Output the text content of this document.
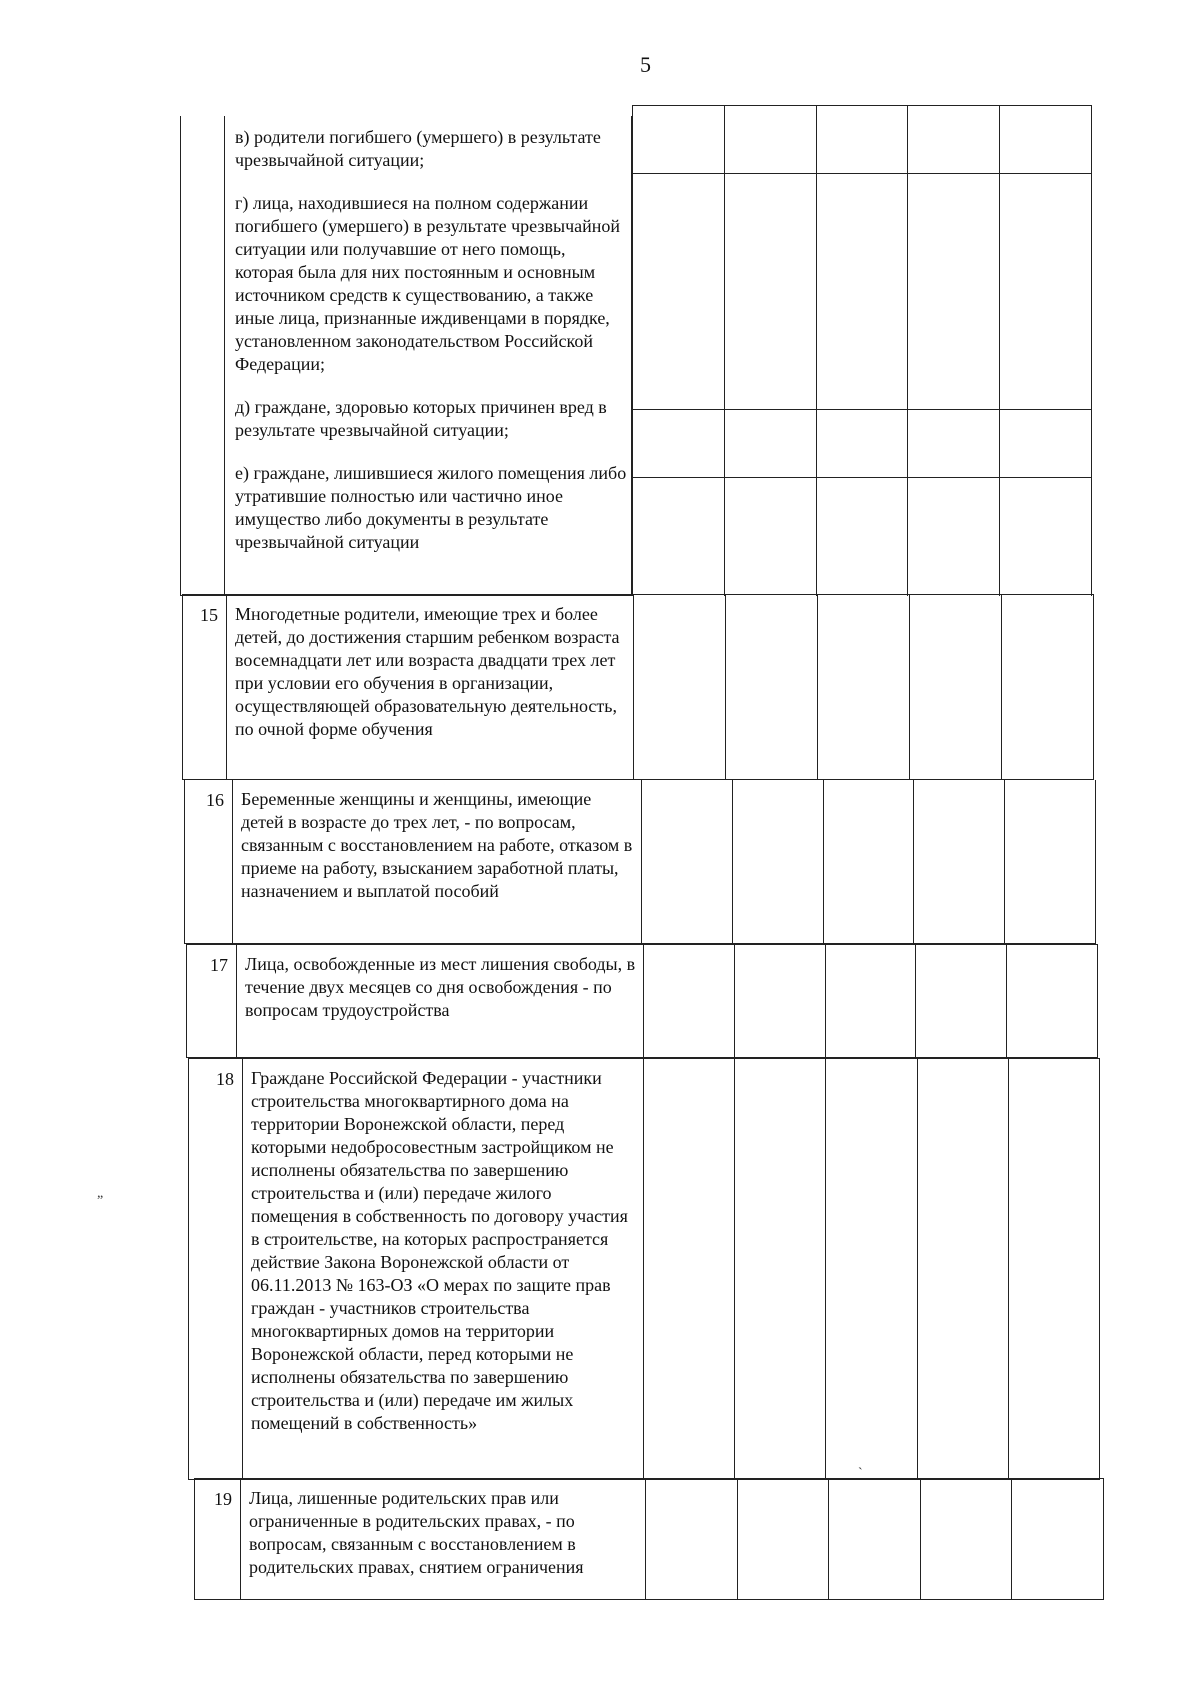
5

в) родители погибшего (умершего) в результате чрезвычайной ситуации;

г) лица, находившиеся на полном содержании погибшего (умершего) в результате чрезвычайной ситуации или получавшие от него помощь, которая была для них постоянным и основным источником средств к существованию, а также иные лица, признанные иждивенцами в порядке, установленном законодательством Российской Федерации;

д) граждане, здоровью которых причинен вред в результате чрезвычайной ситуации;

е) граждане, лишившиеся жилого помещения либо утратившие полностью или частично иное имущество либо документы в результате чрезвычайной ситуации

15 Многодетные родители, имеющие трех и более детей, до достижения старшим ребенком возраста восемнадцати лет или возраста двадцати трех лет при условии его обучения в организации, осуществляющей образовательную деятельность, по очной форме обучения
16 Беременные женщины и женщины, имеющие детей в возрасте до трех лет, - по вопросам, связанным с восстановлением на работе, отказом в приеме на работу, взысканием заработной платы, назначением и выплатой пособий
17 Лица, освобожденные из мест лишения свободы, в течение двух месяцев со дня освобождения - по вопросам трудоустройства
18 Граждане Российской Федерации - участники строительства многоквартирного дома на территории Воронежской области, перед которыми недобросовестным застройщиком не исполнены обязательства по завершению строительства и (или) передаче жилого помещения в собственность по договору участия в строительстве, на которых распространяется действие Закона Воронежской области от 06.11.2013 № 163-ОЗ «О мерах по защите прав граждан - участников строительства многоквартирных домов на территории Воронежской области, перед которыми не исполнены обязательства по завершению строительства и (или) передаче им жилых помещений в собственность»
19 Лица, лишенные родительских прав или ограниченные в родительских правах, - по вопросам, связанным с восстановлением в родительских правах, снятием ограничения
„
ˋ
